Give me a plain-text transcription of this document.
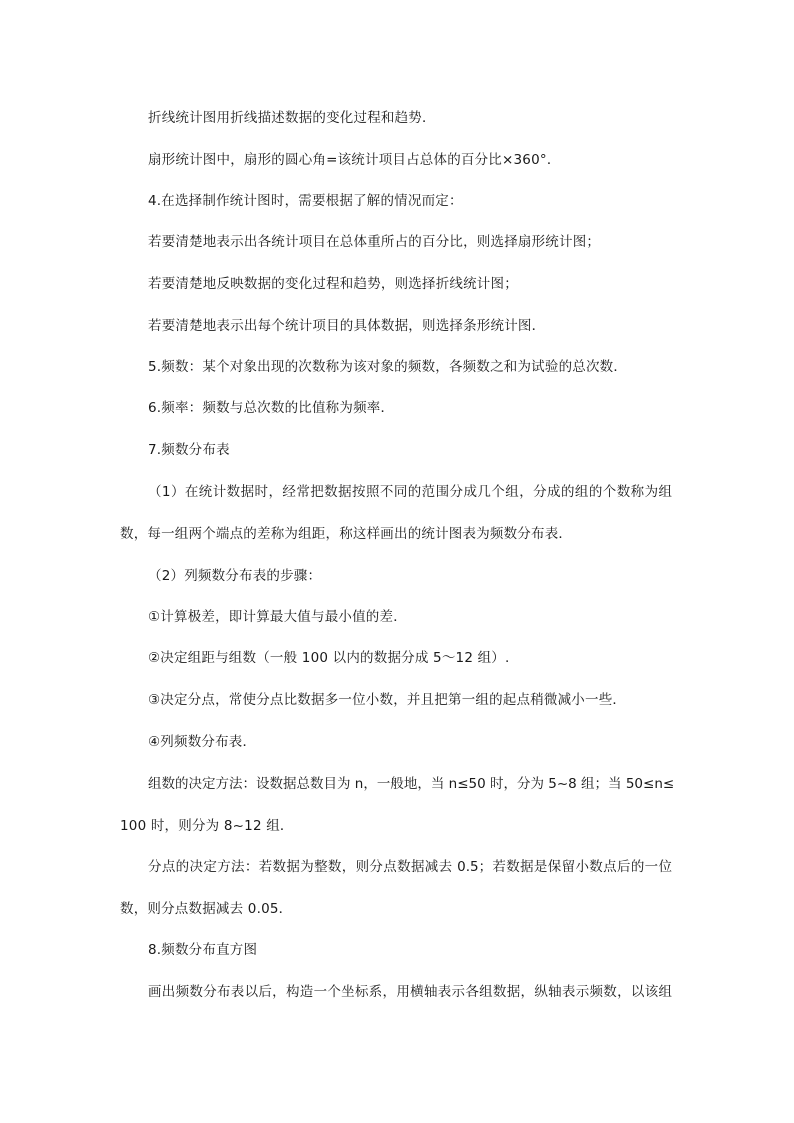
折线统计图用折线描述数据的变化过程和趋势．
扇形统计图中，扇形的圆心角=该统计项目占总体的百分比×360°．
4.在选择制作统计图时，需要根据了解的情况而定：
若要清楚地表示出各统计项目在总体重所占的百分比，则选择扇形统计图；
若要清楚地反映数据的变化过程和趋势，则选择折线统计图；
若要清楚地表示出每个统计项目的具体数据，则选择条形统计图．
5.频数：某个对象出现的次数称为该对象的频数，各频数之和为试验的总次数．
6.频率：频数与总次数的比值称为频率．
7.频数分布表
（1）在统计数据时，经常把数据按照不同的范围分成几个组，分成的组的个数称为组
数，每一组两个端点的差称为组距，称这样画出的统计图表为频数分布表．
（2）列频数分布表的步骤：
①计算极差，即计算最大值与最小值的差．
②决定组距与组数（一般 100 以内的数据分成 5～12 组）.
③决定分点，常使分点比数据多一位小数，并且把第一组的起点稍微减小一些．
④列频数分布表．
组数的决定方法：设数据总数目为 n，一般地，当 n≤50 时，分为 5~8 组；当 50≤n≤
100 时，则分为 8~12 组．
分点的决定方法：若数据为整数，则分点数据减去 0.5；若数据是保留小数点后的一位
数，则分点数据减去 0.05．
8.频数分布直方图
画出频数分布表以后，构造一个坐标系，用横轴表示各组数据，纵轴表示频数，以该组
